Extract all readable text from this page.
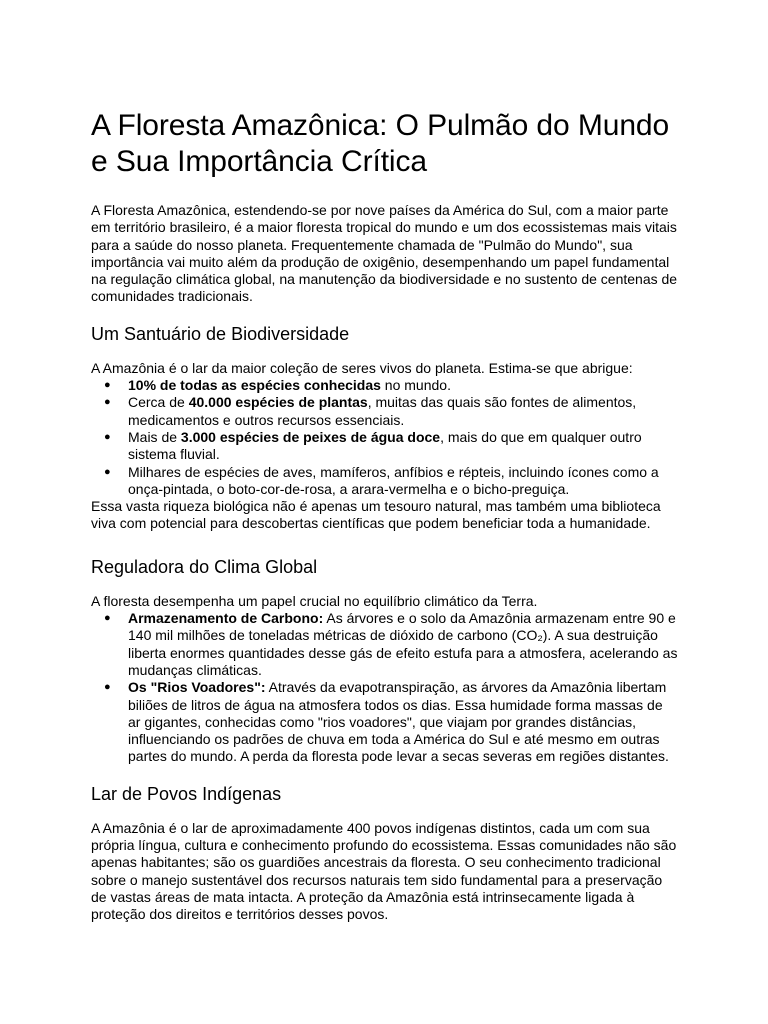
A Floresta Amazônica: O Pulmão do Mundo e Sua Importância Crítica

A Floresta Amazônica, estendendo-se por nove países da América do Sul, com a maior parte em território brasileiro, é a maior floresta tropical do mundo e um dos ecossistemas mais vitais para a saúde do nosso planeta. Frequentemente chamada de "Pulmão do Mundo", sua importância vai muito além da produção de oxigênio, desempenhando um papel fundamental na regulação climática global, na manutenção da biodiversidade e no sustento de centenas de comunidades tradicionais.

Um Santuário de Biodiversidade

A Amazônia é o lar da maior coleção de seres vivos do planeta. Estima-se que abrigue:

● 10% de todas as espécies conhecidas no mundo.
● Cerca de 40.000 espécies de plantas, muitas das quais são fontes de alimentos, medicamentos e outros recursos essenciais.
● Mais de 3.000 espécies de peixes de água doce, mais do que em qualquer outro sistema fluvial.
● Milhares de espécies de aves, mamíferos, anfíbios e répteis, incluindo ícones como a onça-pintada, o boto-cor-de-rosa, a arara-vermelha e o bicho-preguiça.

Essa vasta riqueza biológica não é apenas um tesouro natural, mas também uma biblioteca viva com potencial para descobertas científicas que podem beneficiar toda a humanidade.

Reguladora do Clima Global

A floresta desempenha um papel crucial no equilíbrio climático da Terra.

● Armazenamento de Carbono: As árvores e o solo da Amazônia armazenam entre 90 e 140 mil milhões de toneladas métricas de dióxido de carbono (CO₂). A sua destruição liberta enormes quantidades desse gás de efeito estufa para a atmosfera, acelerando as mudanças climáticas.
● Os "Rios Voadores": Através da evapotranspiração, as árvores da Amazônia libertam biliões de litros de água na atmosfera todos os dias. Essa humidade forma massas de ar gigantes, conhecidas como "rios voadores", que viajam por grandes distâncias, influenciando os padrões de chuva em toda a América do Sul e até mesmo em outras partes do mundo. A perda da floresta pode levar a secas severas em regiões distantes.
Lar de Povos Indígenas

A Amazônia é o lar de aproximadamente 400 povos indígenas distintos, cada um com sua própria língua, cultura e conhecimento profundo do ecossistema. Essas comunidades não são apenas habitantes; são os guardiões ancestrais da floresta. O seu conhecimento tradicional sobre o manejo sustentável dos recursos naturais tem sido fundamental para a preservação de vastas áreas de mata intacta. A proteção da Amazônia está intrinsecamente ligada à proteção dos direitos e territórios desses povos.
